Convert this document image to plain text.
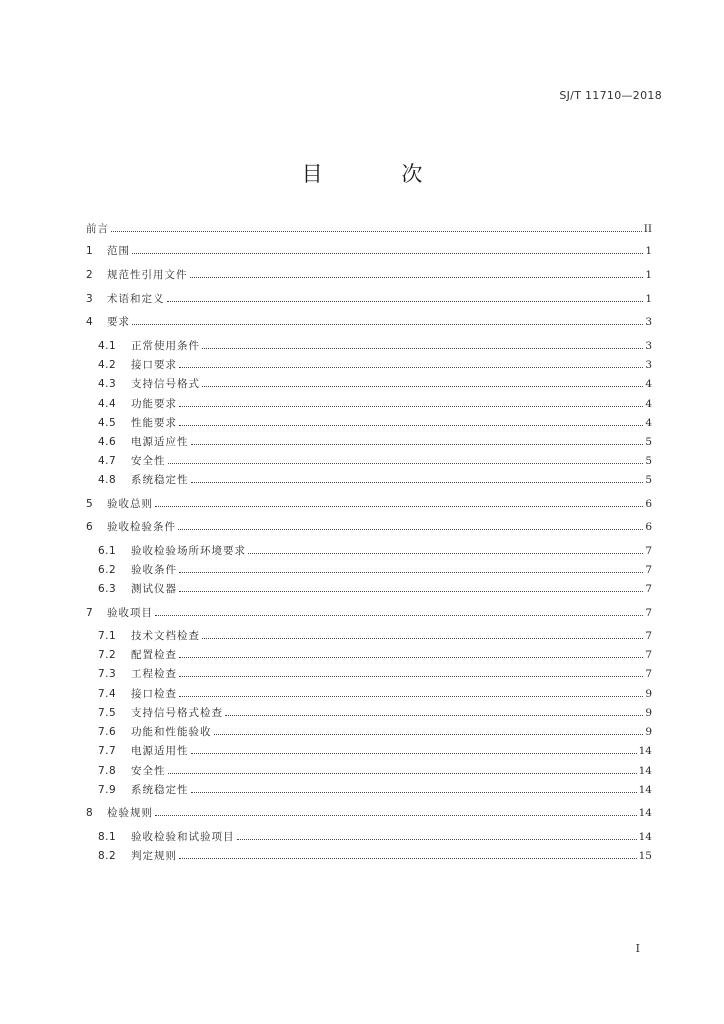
SJ/T 11710—2018
目 次
前言	II
1	范围	1
2	规范性引用文件	1
3	术语和定义	1
4	要求	3
4.1	正常使用条件	3
4.2	接口要求	3
4.3	支持信号格式	4
4.4	功能要求	4
4.5	性能要求	4
4.6	电源适应性	5
4.7	安全性	5
4.8	系统稳定性	5
5	验收总则	6
6	验收检验条件	6
6.1	验收检验场所环境要求	7
6.2	验收条件	7
6.3	测试仪器	7
7	验收项目	7
7.1	技术文档检查	7
7.2	配置检查	7
7.3	工程检查	7
7.4	接口检查	9
7.5	支持信号格式检查	9
7.6	功能和性能验收	9
7.7	电源适用性	14
7.8	安全性	14
7.9	系统稳定性	14
8	检验规则	14
8.1	验收检验和试验项目	14
8.2	判定规则	15
I
